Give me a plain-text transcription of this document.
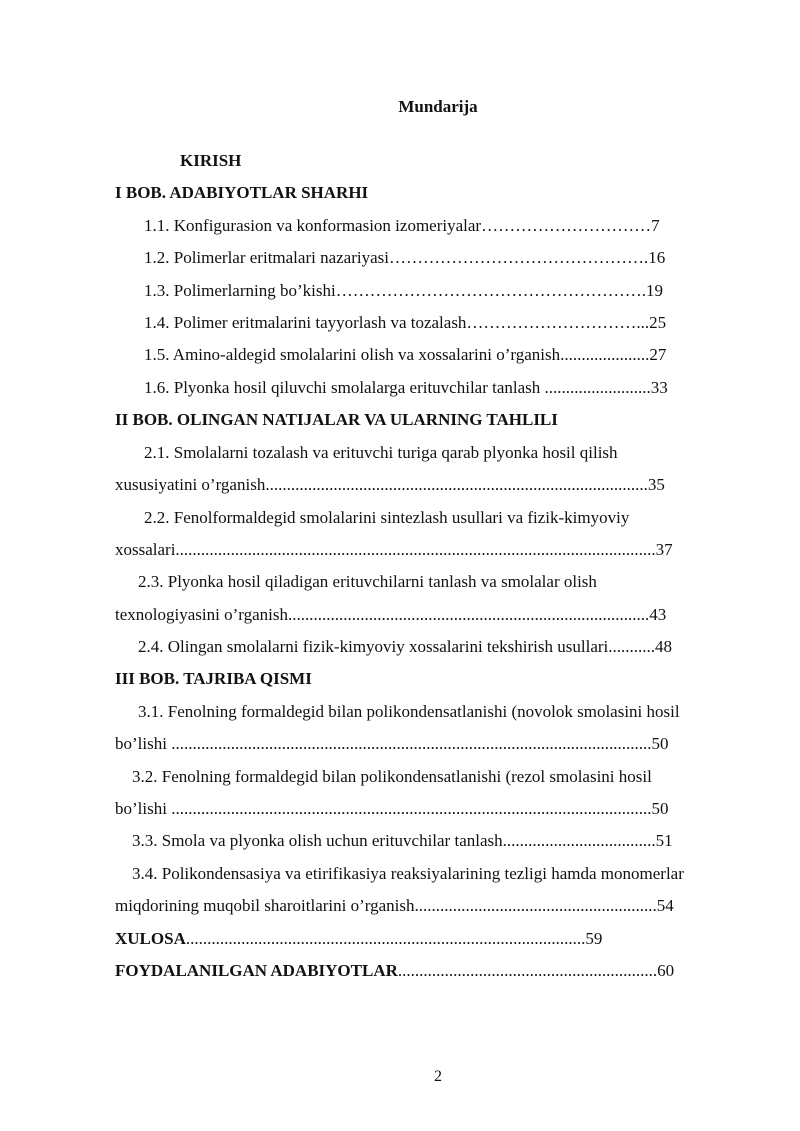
Mundarija
KIRISH
I BOB. ADABIYOTLAR SHARHI
1.1. Konfigurasion va konformasion izomeriyalar…………………………7
1.2. Polimerlar eritmalari nazariyasi……………………………………….16
1.3. Polimerlarning bo’kishi……………………………………………….19
1.4. Polimer eritmalarini tayyorlash va tozalash…………………………...25
1.5. Amino-aldegid smolalarini olish va xossalarini o’rganish.....................27
1.6. Plyonka hosil qiluvchi smolalarga erituvchilar tanlash .........................33
II BOB. OLINGAN NATIJALAR VA ULARNING TAHLILI
2.1. Smolalarni tozalash va erituvchi turiga qarab plyonka hosil qilish
xususiyatini o’rganish..........................................................................................35
2.2. Fenolformaldegid smolalarini sintezlash usullari va fizik-kimyoviy
xossalari.................................................................................................................37
2.3. Plyonka hosil qiladigan erituvchilarni tanlash va smolalar olish
texnologiyasini o’rganish.....................................................................................43
2.4. Olingan smolalarni fizik-kimyoviy xossalarini tekshirish usullari...........48
III BOB. TAJRIBA QISMI
3.1. Fenolning formaldegid bilan polikondensatlanishi (novolok smolasini hosil
bo’lishi .................................................................................................................50
3.2. Fenolning formaldegid bilan polikondensatlanishi (rezol smolasini hosil
bo’lishi .................................................................................................................50
3.3. Smola va plyonka olish uchun erituvchilar tanlash....................................51
3.4. Polikondensasiya va etirifikasiya reaksiyalarining tezligi hamda monomerlar
miqdorining muqobil sharoitlarini o’rganish.........................................................54
XULOSA..............................................................................................59
FOYDALANILGAN ADABIYOTLAR.............................................................60
2
